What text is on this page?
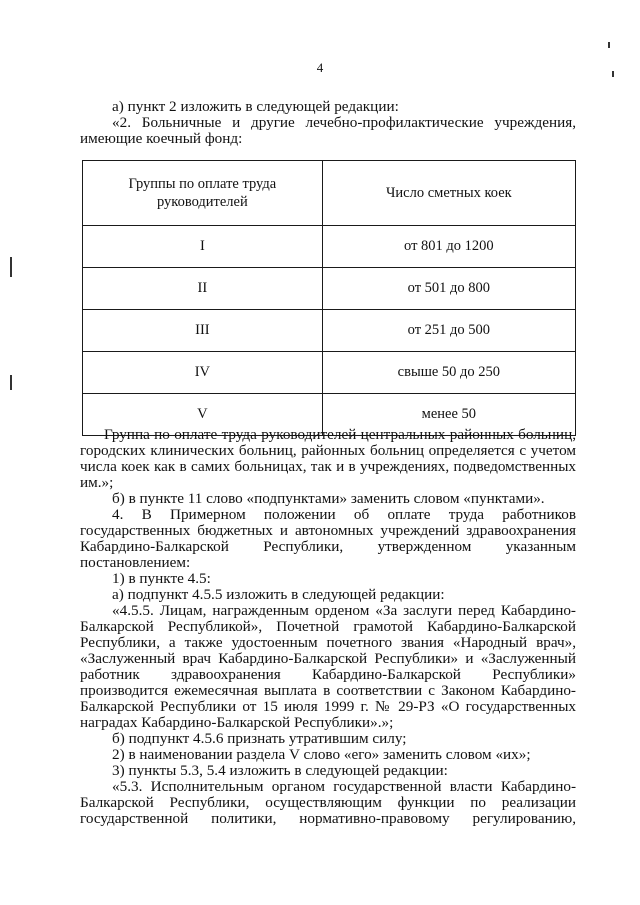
4

а) пункт 2 изложить в следующей редакции:

«2. Больничные и другие лечебно-профилактические учреждения, имеющие коечный фонд:

Группы по оплате труда руководителей	Число сметных коек
I	от 801 до 1200
II	от 501 до 800
III	от 251 до 500
IV	свыше 50 до 250
V	менее 50

Группа по оплате труда руководителей центральных районных больниц, городских клинических больниц, районных больниц определяется с учетом числа коек как в самих больницах, так и в учреждениях, подведомственных им.»;

б) в пункте 11 слово «подпунктами» заменить словом «пунктами».

4. В Примерном положении об оплате труда работников государственных бюджетных и автономных учреждений здравоохранения Кабардино-Балкарской Республики, утвержденном указанным постановлением:

1) в пункте 4.5:

а) подпункт 4.5.5 изложить в следующей редакции:

«4.5.5. Лицам, награжденным орденом «За заслуги перед Кабардино-Балкарской Республикой», Почетной грамотой Кабардино-Балкарской Республики, а также удостоенным почетного звания «Народный врач», «Заслуженный врач Кабардино-Балкарской Республики» и «Заслуженный работник здравоохранения Кабардино-Балкарской Республики» производится ежемесячная выплата в соответствии с Законом Кабардино-Балкарской Республики от 15 июля 1999 г. № 29-РЗ «О государственных наградах Кабардино-Балкарской Республики».»;

б) подпункт 4.5.6 признать утратившим силу;

2) в наименовании раздела V слово «его» заменить словом «их»;

3) пункты 5.3, 5.4 изложить в следующей редакции:

«5.3. Исполнительным органом государственной власти Кабардино-Балкарской Республики, осуществляющим функции по реализации государственной политики, нормативно-правовому регулированию,
